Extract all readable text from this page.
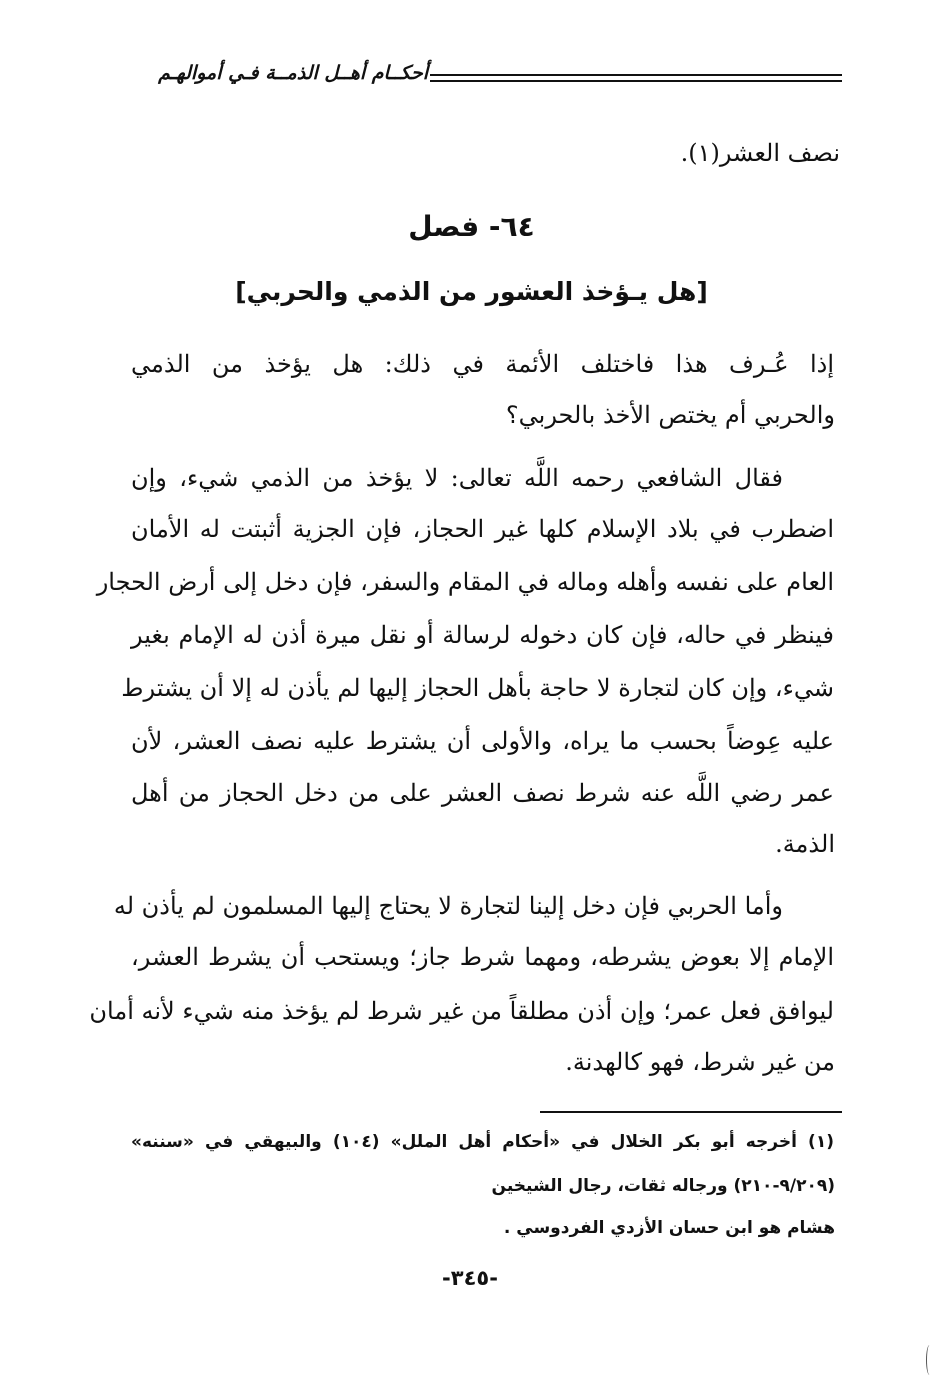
أحكــام أهــل الذمــة فـي أموالهـم
نصف العشر(١).
٦٤- فصل
[هل يـؤخذ العشور من الذمي والحربي]
إذا عُـرف هذا فاختلف الأئمة في ذلك: هل يؤخذ من الذمي
والحربي أم يختص الأخذ بالحربي؟
فقال الشافعي رحمه اللَّه تعالى: لا يؤخذ من الذمي شيء، وإن
اضطرب في بلاد الإسلام كلها غير الحجاز، فإن الجزية أثبتت له الأمان
العام على نفسه وأهله وماله في المقام والسفر، فإن دخل إلى أرض الحجار
فينظر في حاله، فإن كان دخوله لرسالة أو نقل ميرة أذن له الإمام بغير
شيء، وإن كان لتجارة لا حاجة بأهل الحجاز إليها لم يأذن له إلا أن يشترط
عليه عِوضاً بحسب ما يراه، والأولى أن يشترط عليه نصف العشر، لأن
عمر رضي اللَّه عنه شرط نصف العشر على من دخل الحجاز من أهل
الذمة.
وأما الحربي فإن دخل إلينا لتجارة لا يحتاج إليها المسلمون لم يأذن له
الإمام إلا بعوض يشرطه، ومهما شرط جاز؛ ويستحب أن يشرط العشر،
ليوافق فعل عمر؛ وإن أذن مطلقاً من غير شرط لم يؤخذ منه شيء لأنه أمان
من غير شرط، فهو كالهدنة.
(١) أخرجه أبو بكر الخلال في «أحكام أهل الملل» (١٠٤) والبيهقي في «سننه»
(٩/٢٠٩-٢١٠) ورجاله ثقات، رجال الشيخين
هشام هو ابن حسان الأزدي الفردوسي .
-٣٤٥-
